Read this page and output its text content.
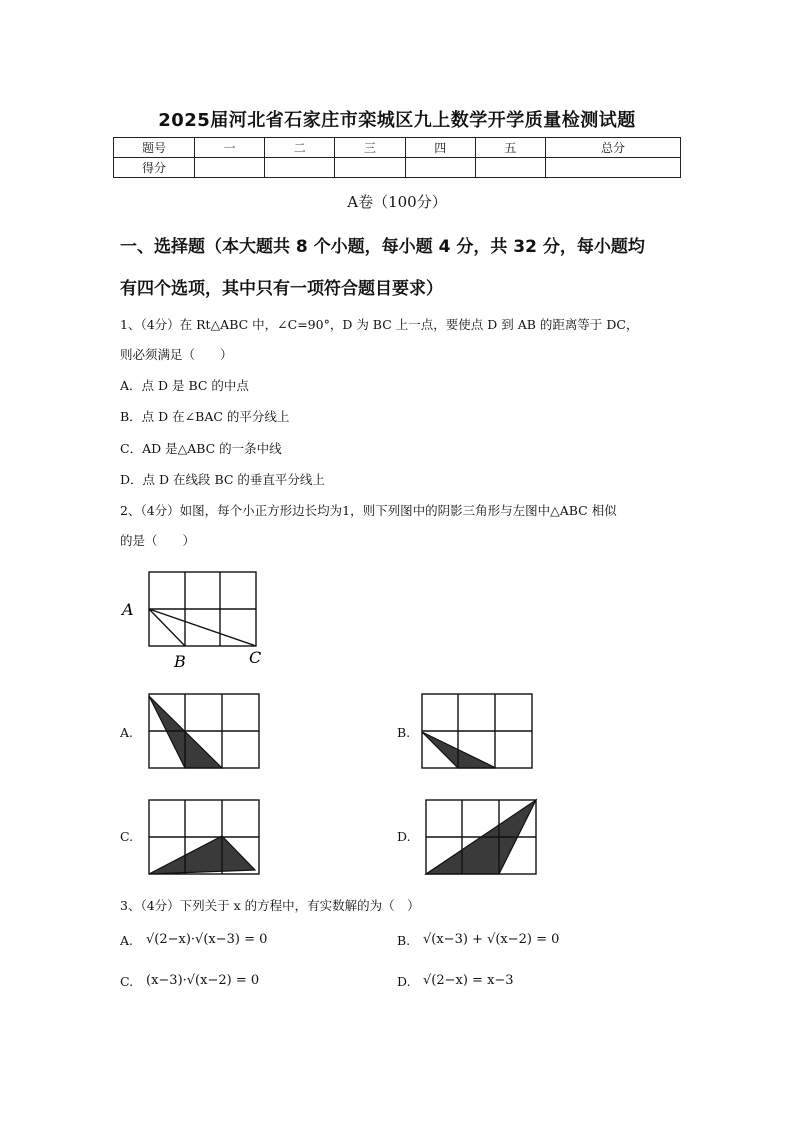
2025届河北省石家庄市栾城区九上数学开学质量检测试题
题号	一	二	三	四	五	总分
得分						
A卷（100分）
一、选择题（本大题共 8 个小题，每小题 4 分，共 32 分，每小题均
有四个选项，其中只有一项符合题目要求）
1、（4分）在 Rt△ABC 中，∠C=90°，D 为 BC 上一点，要使点 D 到 AB 的距离等于 DC，
则必须满足（　　）
A．点 D 是 BC 的中点
B．点 D 在∠BAC 的平分线上
C．AD 是△ABC 的一条中线
D．点 D 在线段 BC 的垂直平分线上
2、（4分）如图，每个小正方形边长均为1，则下列图中的阴影三角形与左图中△ABC 相似
的是（　　）
A
B	C
A.	B.
C.	D.
3、（4分）下列关于 x 的方程中，有实数解的为（　）
A. √(2−x)·√(x−3) = 0	B. √(x−3) + √(x−2) = 0
C. (x−3)·√(x−2) = 0	D. √(2−x) = x−3
